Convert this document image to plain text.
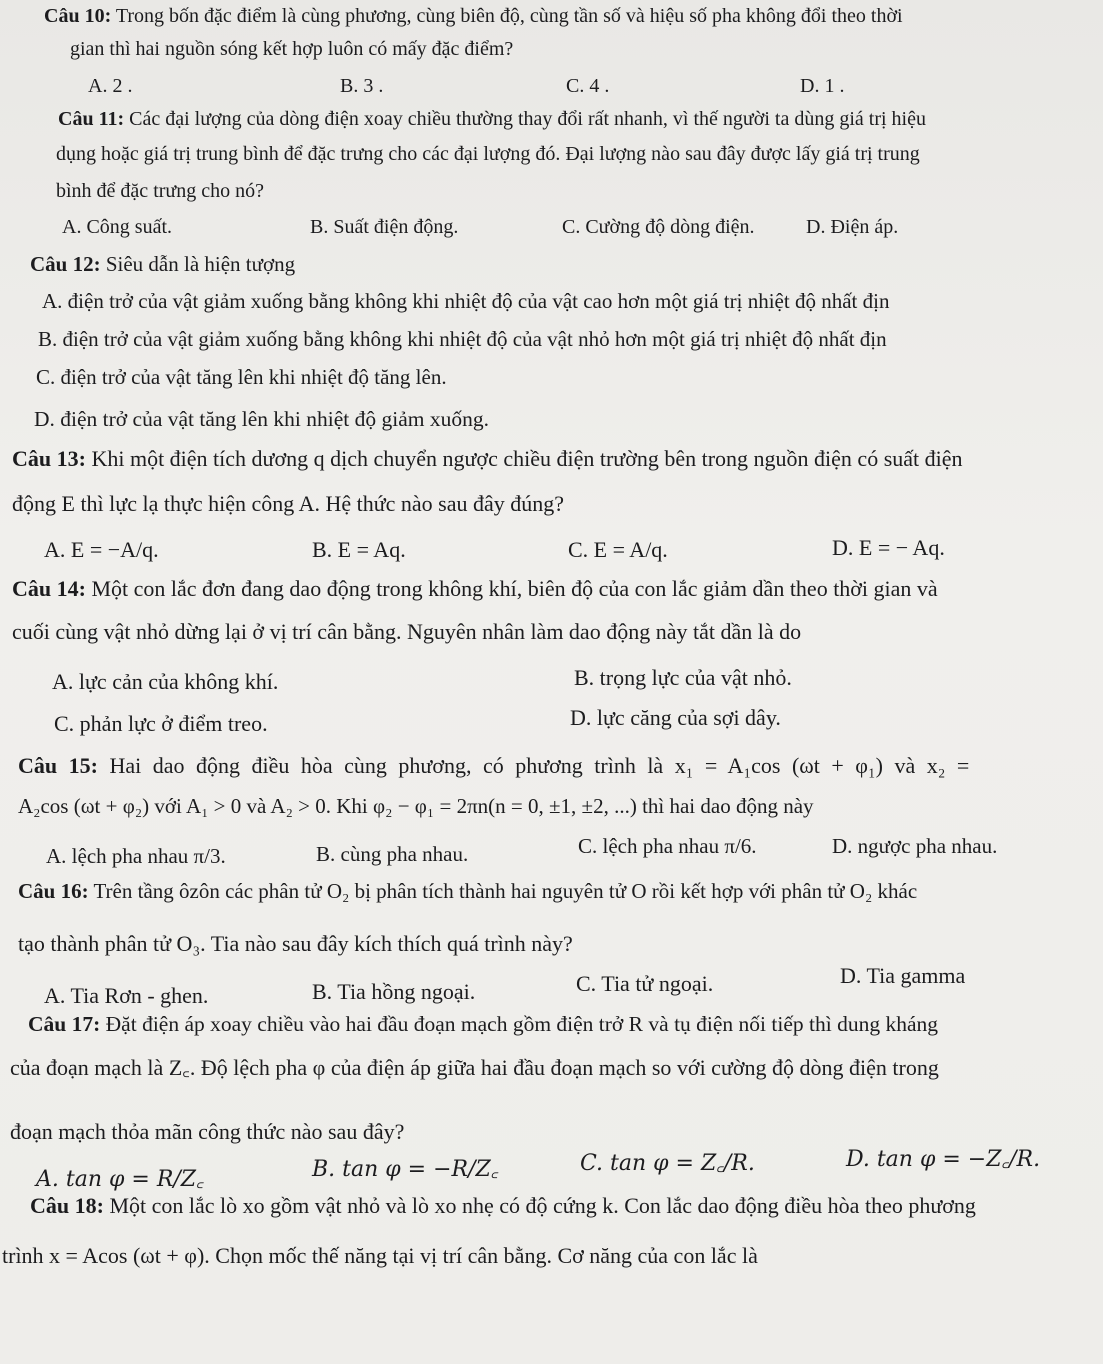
Câu 10: Trong bốn đặc điểm là cùng phương, cùng biên độ, cùng tần số và hiệu số pha không đổi theo thời
gian thì hai nguồn sóng kết hợp luôn có mấy đặc điểm?
A. 2 .	B. 3 .	C. 4 .	D. 1 .
Câu 11: Các đại lượng của dòng điện xoay chiều thường thay đổi rất nhanh, vì thế người ta dùng giá trị hiệu
dụng hoặc giá trị trung bình để đặc trưng cho các đại lượng đó. Đại lượng nào sau đây được lấy giá trị trung
bình để đặc trưng cho nó?
A. Công suất.	B. Suất điện động.	C. Cường độ dòng điện.	D. Điện áp.
Câu 12: Siêu dẫn là hiện tượng
A. điện trở của vật giảm xuống bằng không khi nhiệt độ của vật cao hơn một giá trị nhiệt độ nhất địn
B. điện trở của vật giảm xuống bằng không khi nhiệt độ của vật nhỏ hơn một giá trị nhiệt độ nhất địn
C. điện trở của vật tăng lên khi nhiệt độ tăng lên.
D. điện trở của vật tăng lên khi nhiệt độ giảm xuống.
Câu 13: Khi một điện tích dương q dịch chuyển ngược chiều điện trường bên trong nguồn điện có suất điện
động E thì lực lạ thực hiện công A. Hệ thức nào sau đây đúng?
A. E = −A/q.	B. E = Aq.	C. E = A/q.	D. E = − Aq.
Câu 14: Một con lắc đơn đang dao động trong không khí, biên độ của con lắc giảm dần theo thời gian và
cuối cùng vật nhỏ dừng lại ở vị trí cân bằng. Nguyên nhân làm dao động này tắt dần là do
A. lực cản của không khí.	B. trọng lực của vật nhỏ.
C. phản lực ở điểm treo.	D. lực căng của sợi dây.
Câu 15: Hai dao động điều hòa cùng phương, có phương trình là x₁ = A₁cos (ωt + φ₁) và x₂ =
A₂cos (ωt + φ₂) với A₁ > 0 và A₂ > 0. Khi φ₂ − φ₁ = 2πn(n = 0, ±1, ±2, ...) thì hai dao động này
A. lệch pha nhau π/3.	B. cùng pha nhau.	C. lệch pha nhau π/6.	D. ngược pha nhau.
Câu 16: Trên tầng ôzôn các phân tử O₂ bị phân tích thành hai nguyên tử O rồi kết hợp với phân tử O₂ khác
tạo thành phân tử O₃. Tia nào sau đây kích thích quá trình này?
A. Tia Rơn - ghen.	B. Tia hồng ngoại.	C. Tia tử ngoại.	D. Tia gamma
Câu 17: Đặt điện áp xoay chiều vào hai đầu đoạn mạch gồm điện trở R và tụ điện nối tiếp thì dung kháng
của đoạn mạch là Z꜀. Độ lệch pha φ của điện áp giữa hai đầu đoạn mạch so với cường độ dòng điện trong
đoạn mạch thỏa mãn công thức nào sau đây?
A. tan φ = R/Z꜀	B. tan φ = −R/Z꜀	C. tan φ = Z꜀/R.	D. tan φ = −Z꜀/R.
Câu 18: Một con lắc lò xo gồm vật nhỏ và lò xo nhẹ có độ cứng k. Con lắc dao động điều hòa theo phương
trình x = Acos (ωt + φ). Chọn mốc thế năng tại vị trí cân bằng. Cơ năng của con lắc là
